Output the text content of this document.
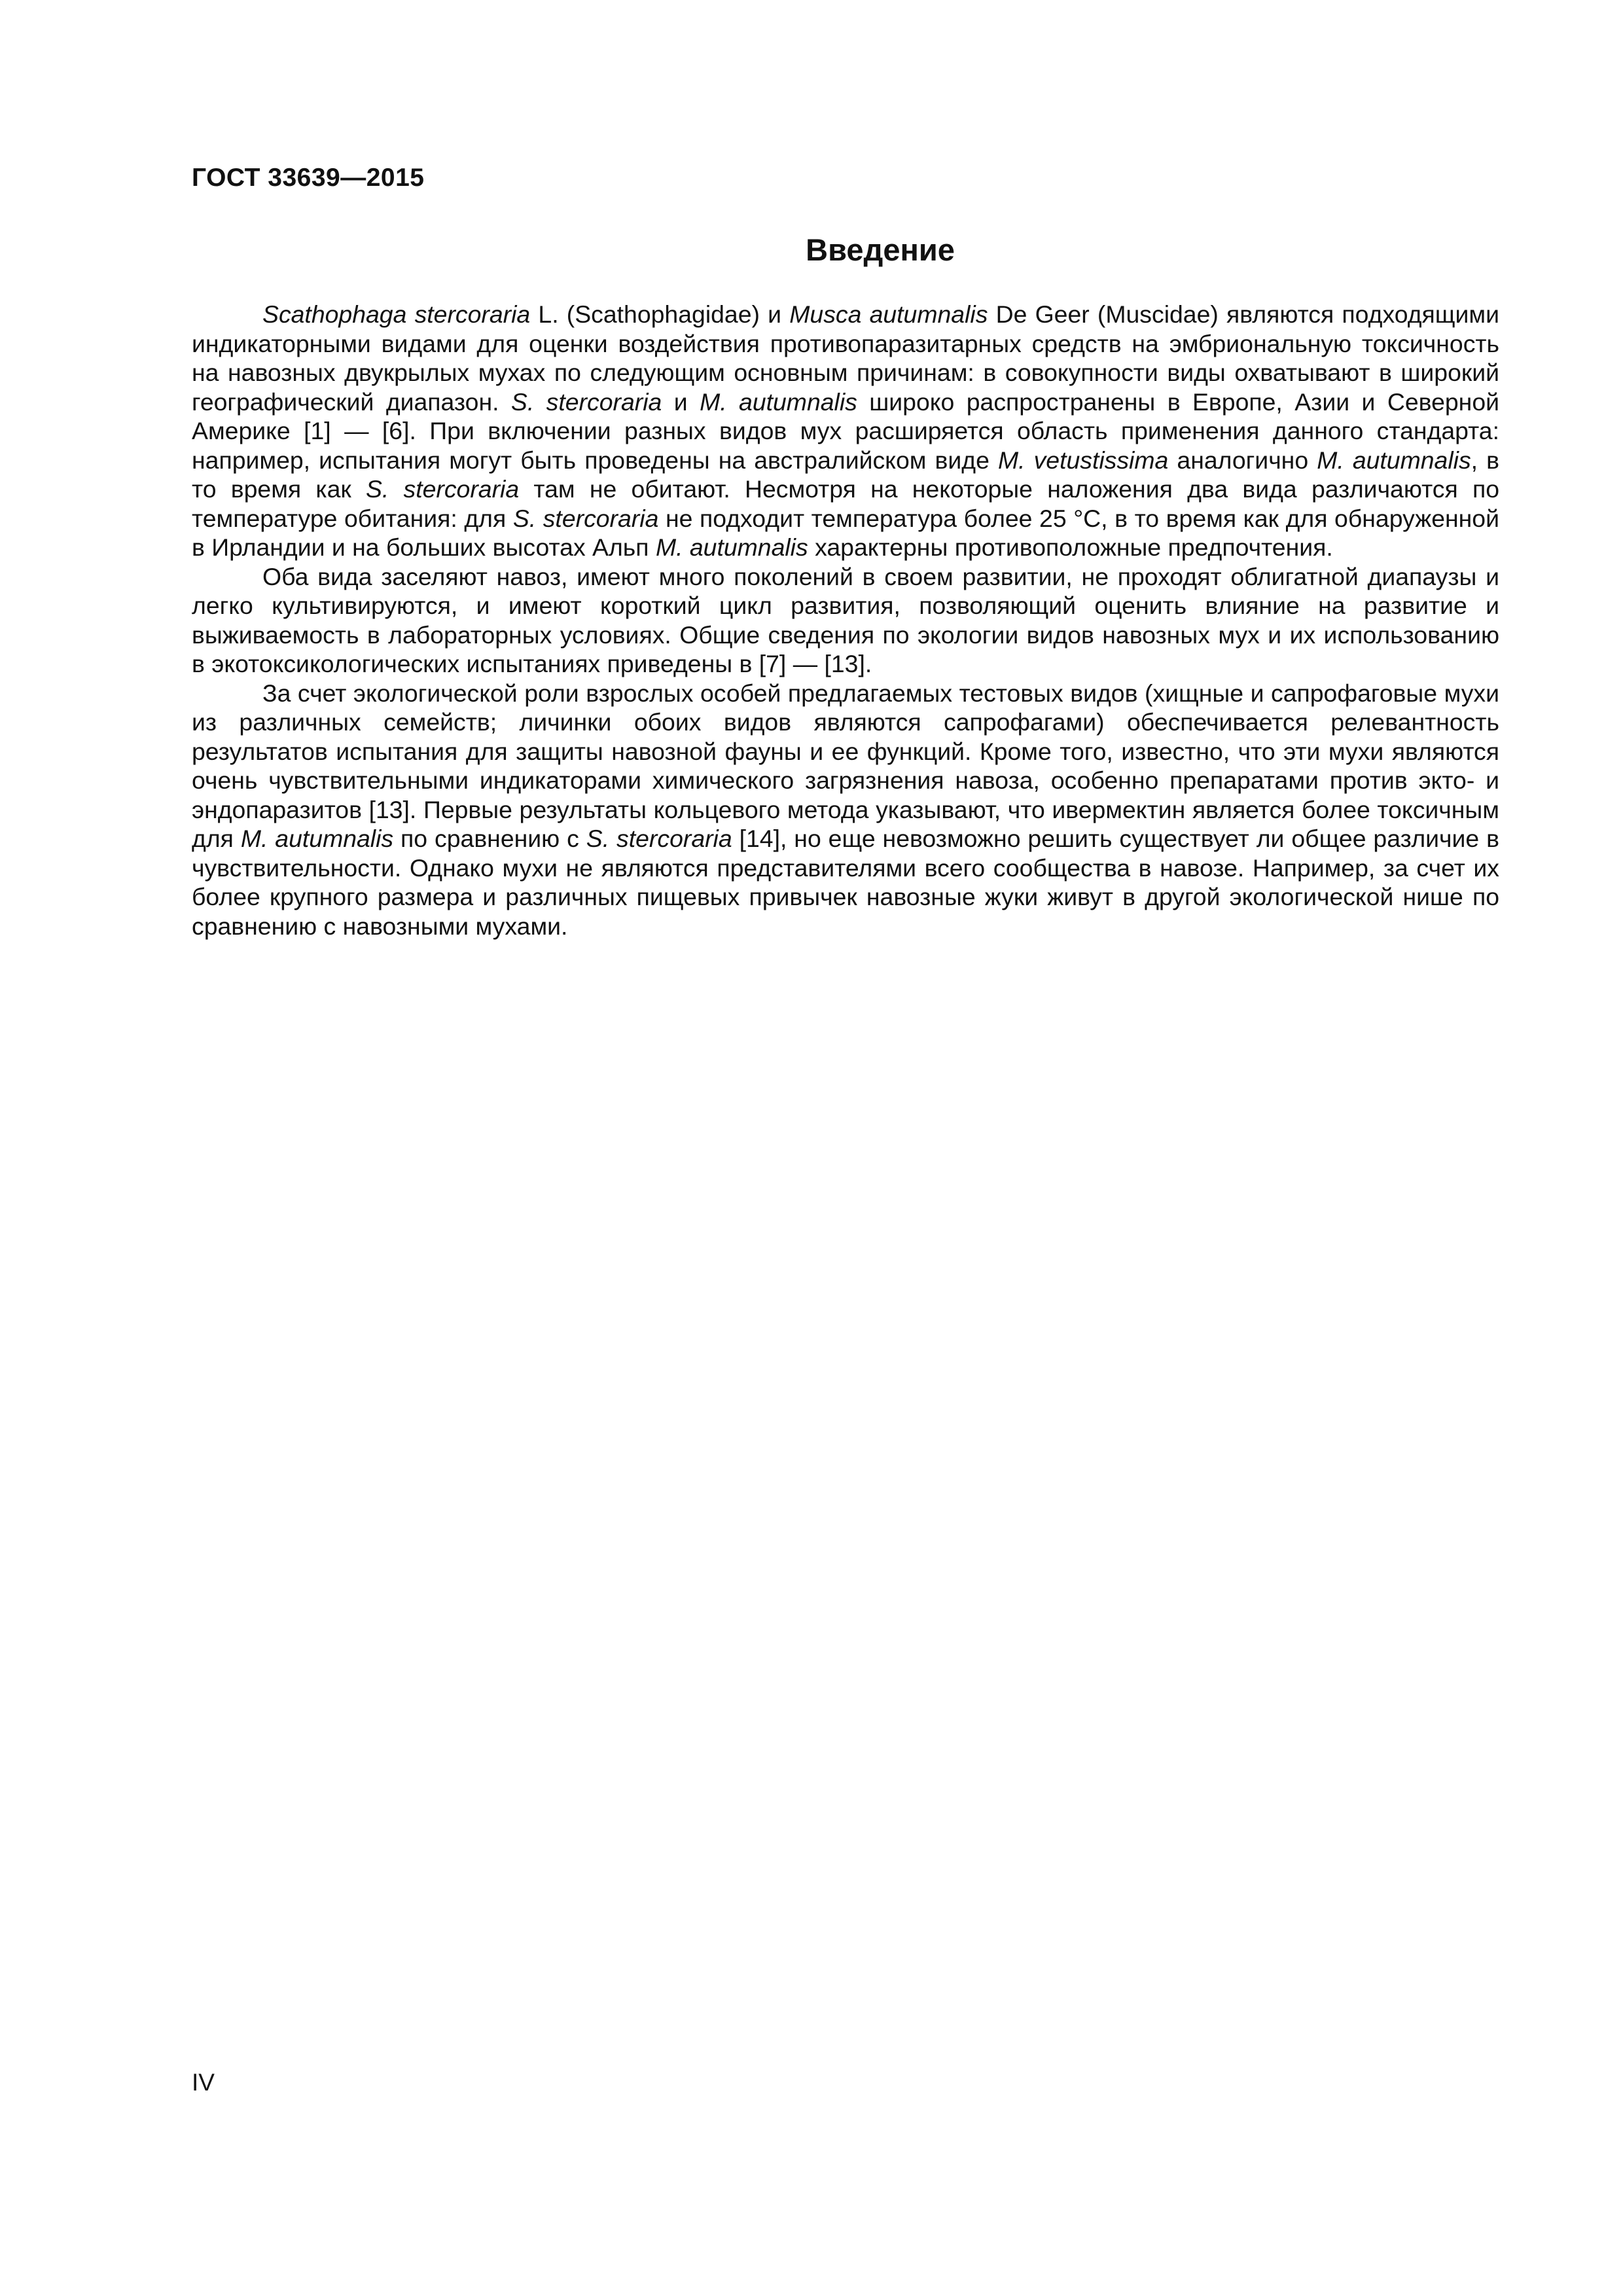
ГОСТ 33639—2015
Введение

Scathophaga stercoraria L. (Scathophagidae) и Musca autumnalis De Geer (Muscidae) являются подходящими индикаторными видами для оценки воздействия противопаразитарных средств на эмбриональную токсичность на навозных двукрылых мухах по следующим основным причинам: в совокупности виды охватывают в широкий географический диапазон. S. stercoraria и M. autumnalis широко распространены в Европе, Азии и Северной Америке [1] — [6]. При включении разных видов мух расширяется область применения данного стандарта: например, испытания могут быть проведены на австралийском виде M. vetustissima аналогично M. autumnalis, в то время как S. stercoraria там не обитают. Несмотря на некоторые наложения два вида различаются по температуре обитания: для S. stercoraria не подходит температура более 25 °С, в то время как для обнаруженной в Ирландии и на больших высотах Альп M. autumnalis характерны противоположные предпочтения.

Оба вида заселяют навоз, имеют много поколений в своем развитии, не проходят облигатной диапаузы и легко культивируются, и имеют короткий цикл развития, позволяющий оценить влияние на развитие и выживаемость в лабораторных условиях. Общие сведения по экологии видов навозных мух и их использованию в экотоксикологических испытаниях приведены в [7] — [13].

За счет экологической роли взрослых особей предлагаемых тестовых видов (хищные и сапрофаговые мухи из различных семейств; личинки обоих видов являются сапрофагами) обеспечивается релевантность результатов испытания для защиты навозной фауны и ее функций. Кроме того, известно, что эти мухи являются очень чувствительными индикаторами химического загрязнения навоза, особенно препаратами против экто- и эндопаразитов [13]. Первые результаты кольцевого метода указывают, что ивермектин является более токсичным для M. autumnalis по сравнению с S. stercoraria [14], но еще невозможно решить существует ли общее различие в чувствительности. Однако мухи не являются представителями всего сообщества в навозе. Например, за счет их более крупного размера и различных пищевых привычек навозные жуки живут в другой экологической нише по сравнению с навозными мухами.

IV
